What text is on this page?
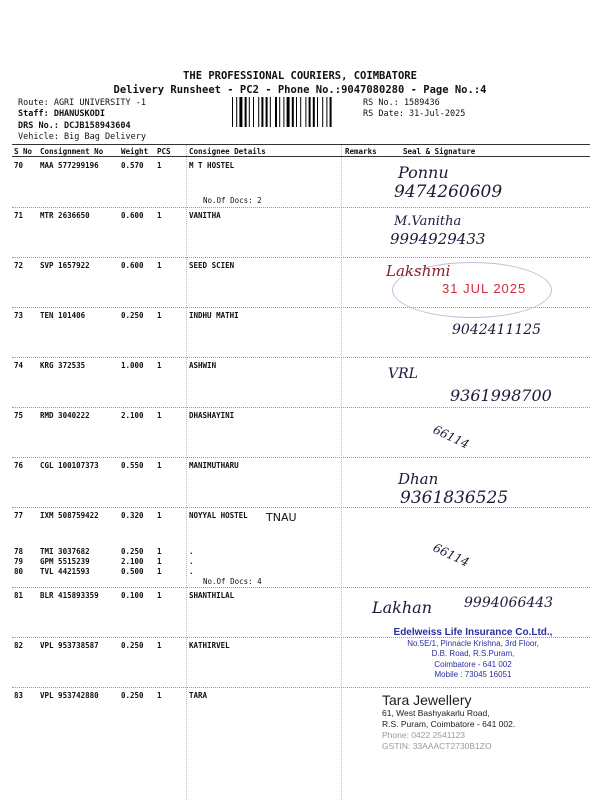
THE PROFESSIONAL COURIERS, COIMBATORE
Delivery Runsheet - PC2 - Phone No.:9047080280 - Page No.:4
Route: AGRI UNIVERSITY -1
Staff: DHANUSKODI
DRS No.: DCJB158943604
Vehicle: Big Bag Delivery
RS No.: 1589436
RS Date: 31-Jul-2025
S No Consignment No Weight PCS Consignee Details	Remarks	Seal & Signature
70 MAA 577299196	0.570 1	M T HOSTEL
No.Of Docs: 2
71 MTR 2636650	0.600 1	VANITHA
72 SVP 1657922	0.600 1	SEED SCIEN
73 TEN 101406	0.250 1	INDHU MATHI
74 KRG 372535	1.000 1	ASHWIN
75 RMD 3040222	2.100 1	DHASHAYINI
76 CGL 100107373	0.550 1	MANIMUTHARU
77 IXM 508759422	0.320 1	NOYYAL HOSTEL
78 TMI 3037682	0.250 1	.
79 GPM 5515239	2.100 1	.
80 TVL 4421593	0.500 1	.
No.Of Docs: 4
81 BLR 415893359	0.100 1	SHANTHILAL
82 VPL 953738587	0.250 1	KATHIRVEL
83 VPL 953742880	0.250 1	TARA
TNAU
Ponnu
9474260609
M.Vanitha
9994929433
Lakshmi
31 JUL 2025
9042411125
VRL
9361998700
66114
Dhan
9361836525
66114
Lakhan 9994066443
Edelweiss Life Insurance Co.Ltd.,
No.5E/1, Pinnacle Krishna, 3rd Floor,
D.B. Road, R.S.Puram,
Coimbatore - 641 002
Mobile : 73045 16051
Tara Jewellery
61, West Bashyakarlu Road,
R.S. Puram, Coimbatore - 641 002.
Phone: 0422 2541123
GSTIN: 33AAACT2730B1ZO
